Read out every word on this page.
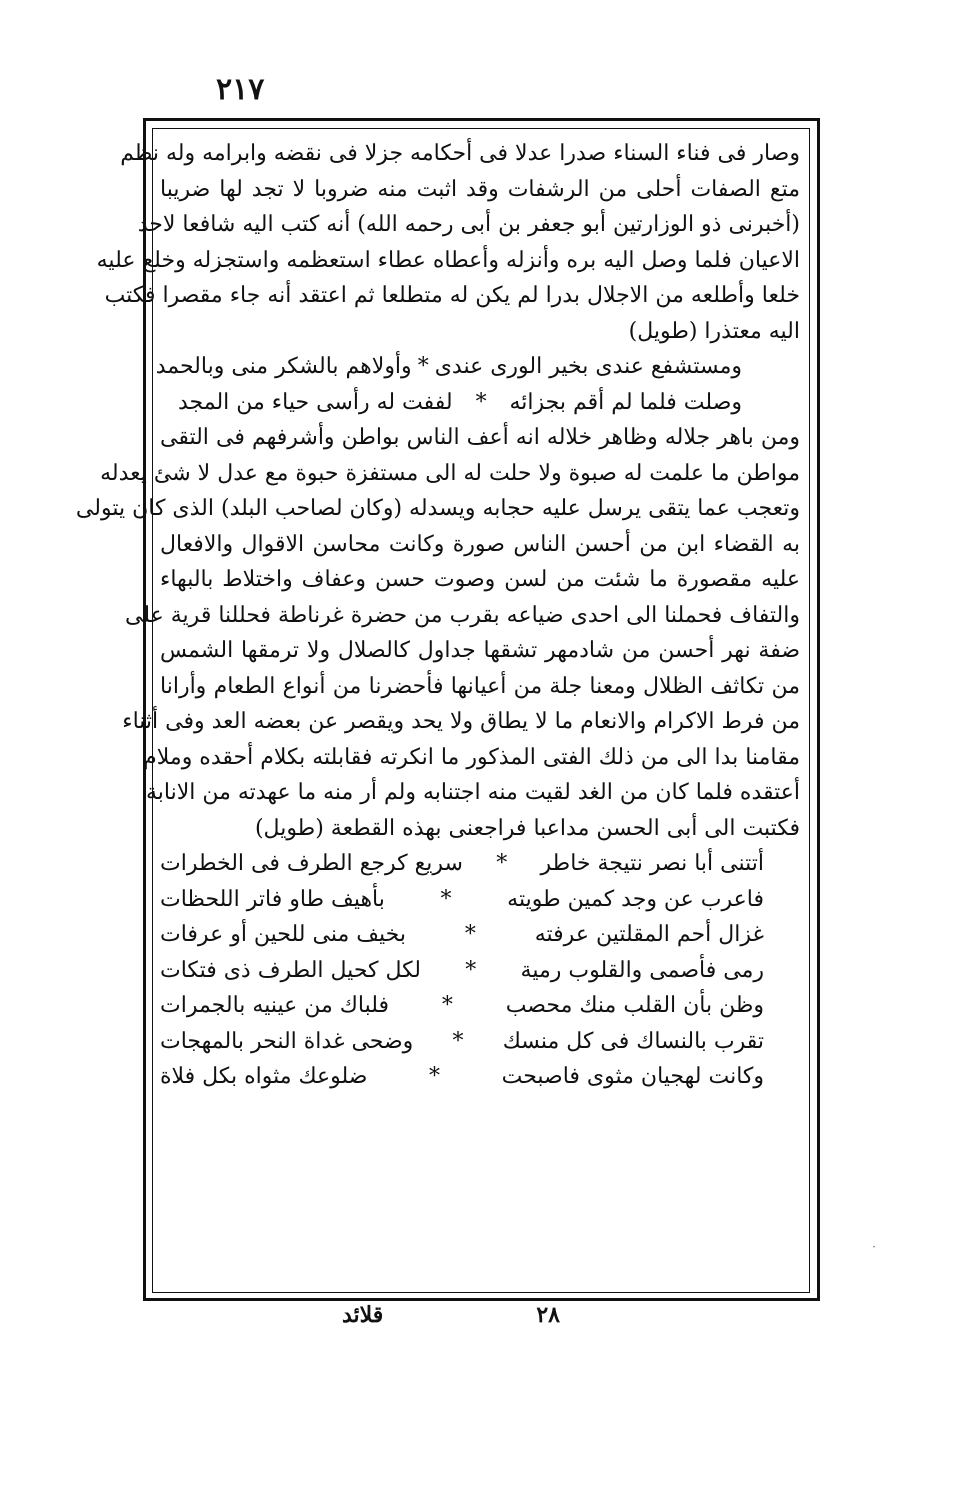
٢١٧
وصار فى فناء السناء صدرا عدلا فى أحكامه جزلا فى نقضه وابرامه وله نظم
متع الصفات أحلى من الرشفات وقد اثبت منه ضروبا لا تجد لها ضريبا
(أخبرنى ذو الوزارتين أبو جعفر بن أبى رحمه الله) أنه كتب اليه شافعا لاحد
الاعيان فلما وصل اليه بره وأنزله وأعطاه عطاء استعظمه واستجزله وخلع عليه
خلعا وأطلعه من الاجلال بدرا لم يكن له متطلعا ثم اعتقد أنه جاء مقصرا فكتب
اليه معتذرا (طويل)
ومستشفع عندى بخير الورى عندى
*
وأولاهم بالشكر منى وبالحمد
وصلت فلما لم أقم بجزائه
*
لففت له رأسى حياء من المجد
ومن باهر جلاله وظاهر خلاله انه أعف الناس بواطن وأشرفهم فى التقى
مواطن ما علمت له صبوة ولا حلت له الى مستفزة حبوة مع عدل لا شئ يعدله
وتعجب عما يتقى يرسل عليه حجابه ويسدله (وكان لصاحب البلد) الذى كان يتولى
به القضاء ابن من أحسن الناس صورة وكانت محاسن الاقوال والافعال
عليه مقصورة ما شئت من لسن وصوت حسن وعفاف واختلاط بالبهاء
والتفاف فحملنا الى احدى ضياعه بقرب من حضرة غرناطة فحللنا قرية على
ضفة نهر أحسن من شادمهر تشقها جداول كالصلال ولا ترمقها الشمس
من تكاثف الظلال ومعنا جلة من أعيانها فأحضرنا من أنواع الطعام وأرانا
من فرط الاكرام والانعام ما لا يطاق ولا يحد ويقصر عن بعضه العد وفى أثناء
مقامنا بدا الى من ذلك الفتى المذكور ما انكرته فقابلته بكلام أحقده وملام
أعتقده فلما كان من الغد لقيت منه اجتنابه ولم أر منه ما عهدته من الانابة
فكتبت الى أبى الحسن مداعبا فراجعنى بهذه القطعة (طويل)
أتتنى أبا نصر نتيجة خاطر
*
سريع كرجع الطرف فى الخطرات
فاعرب عن وجد كمين طويته
*
بأهيف طاو فاتر اللحظات
غزال أحم المقلتين عرفته
*
بخيف منى للحين أو عرفات
رمى فأصمى والقلوب رمية
*
لكل كحيل الطرف ذى فتكات
وظن بأن القلب منك محصب
*
فلباك من عينيه بالجمرات
تقرب بالنساك فى كل منسك
*
وضحى غداة النحر بالمهجات
وكانت لهجيان مثوى فاصبحت
*
ضلوعك مثواه بكل فلاة
·
٢٨
قلائد
